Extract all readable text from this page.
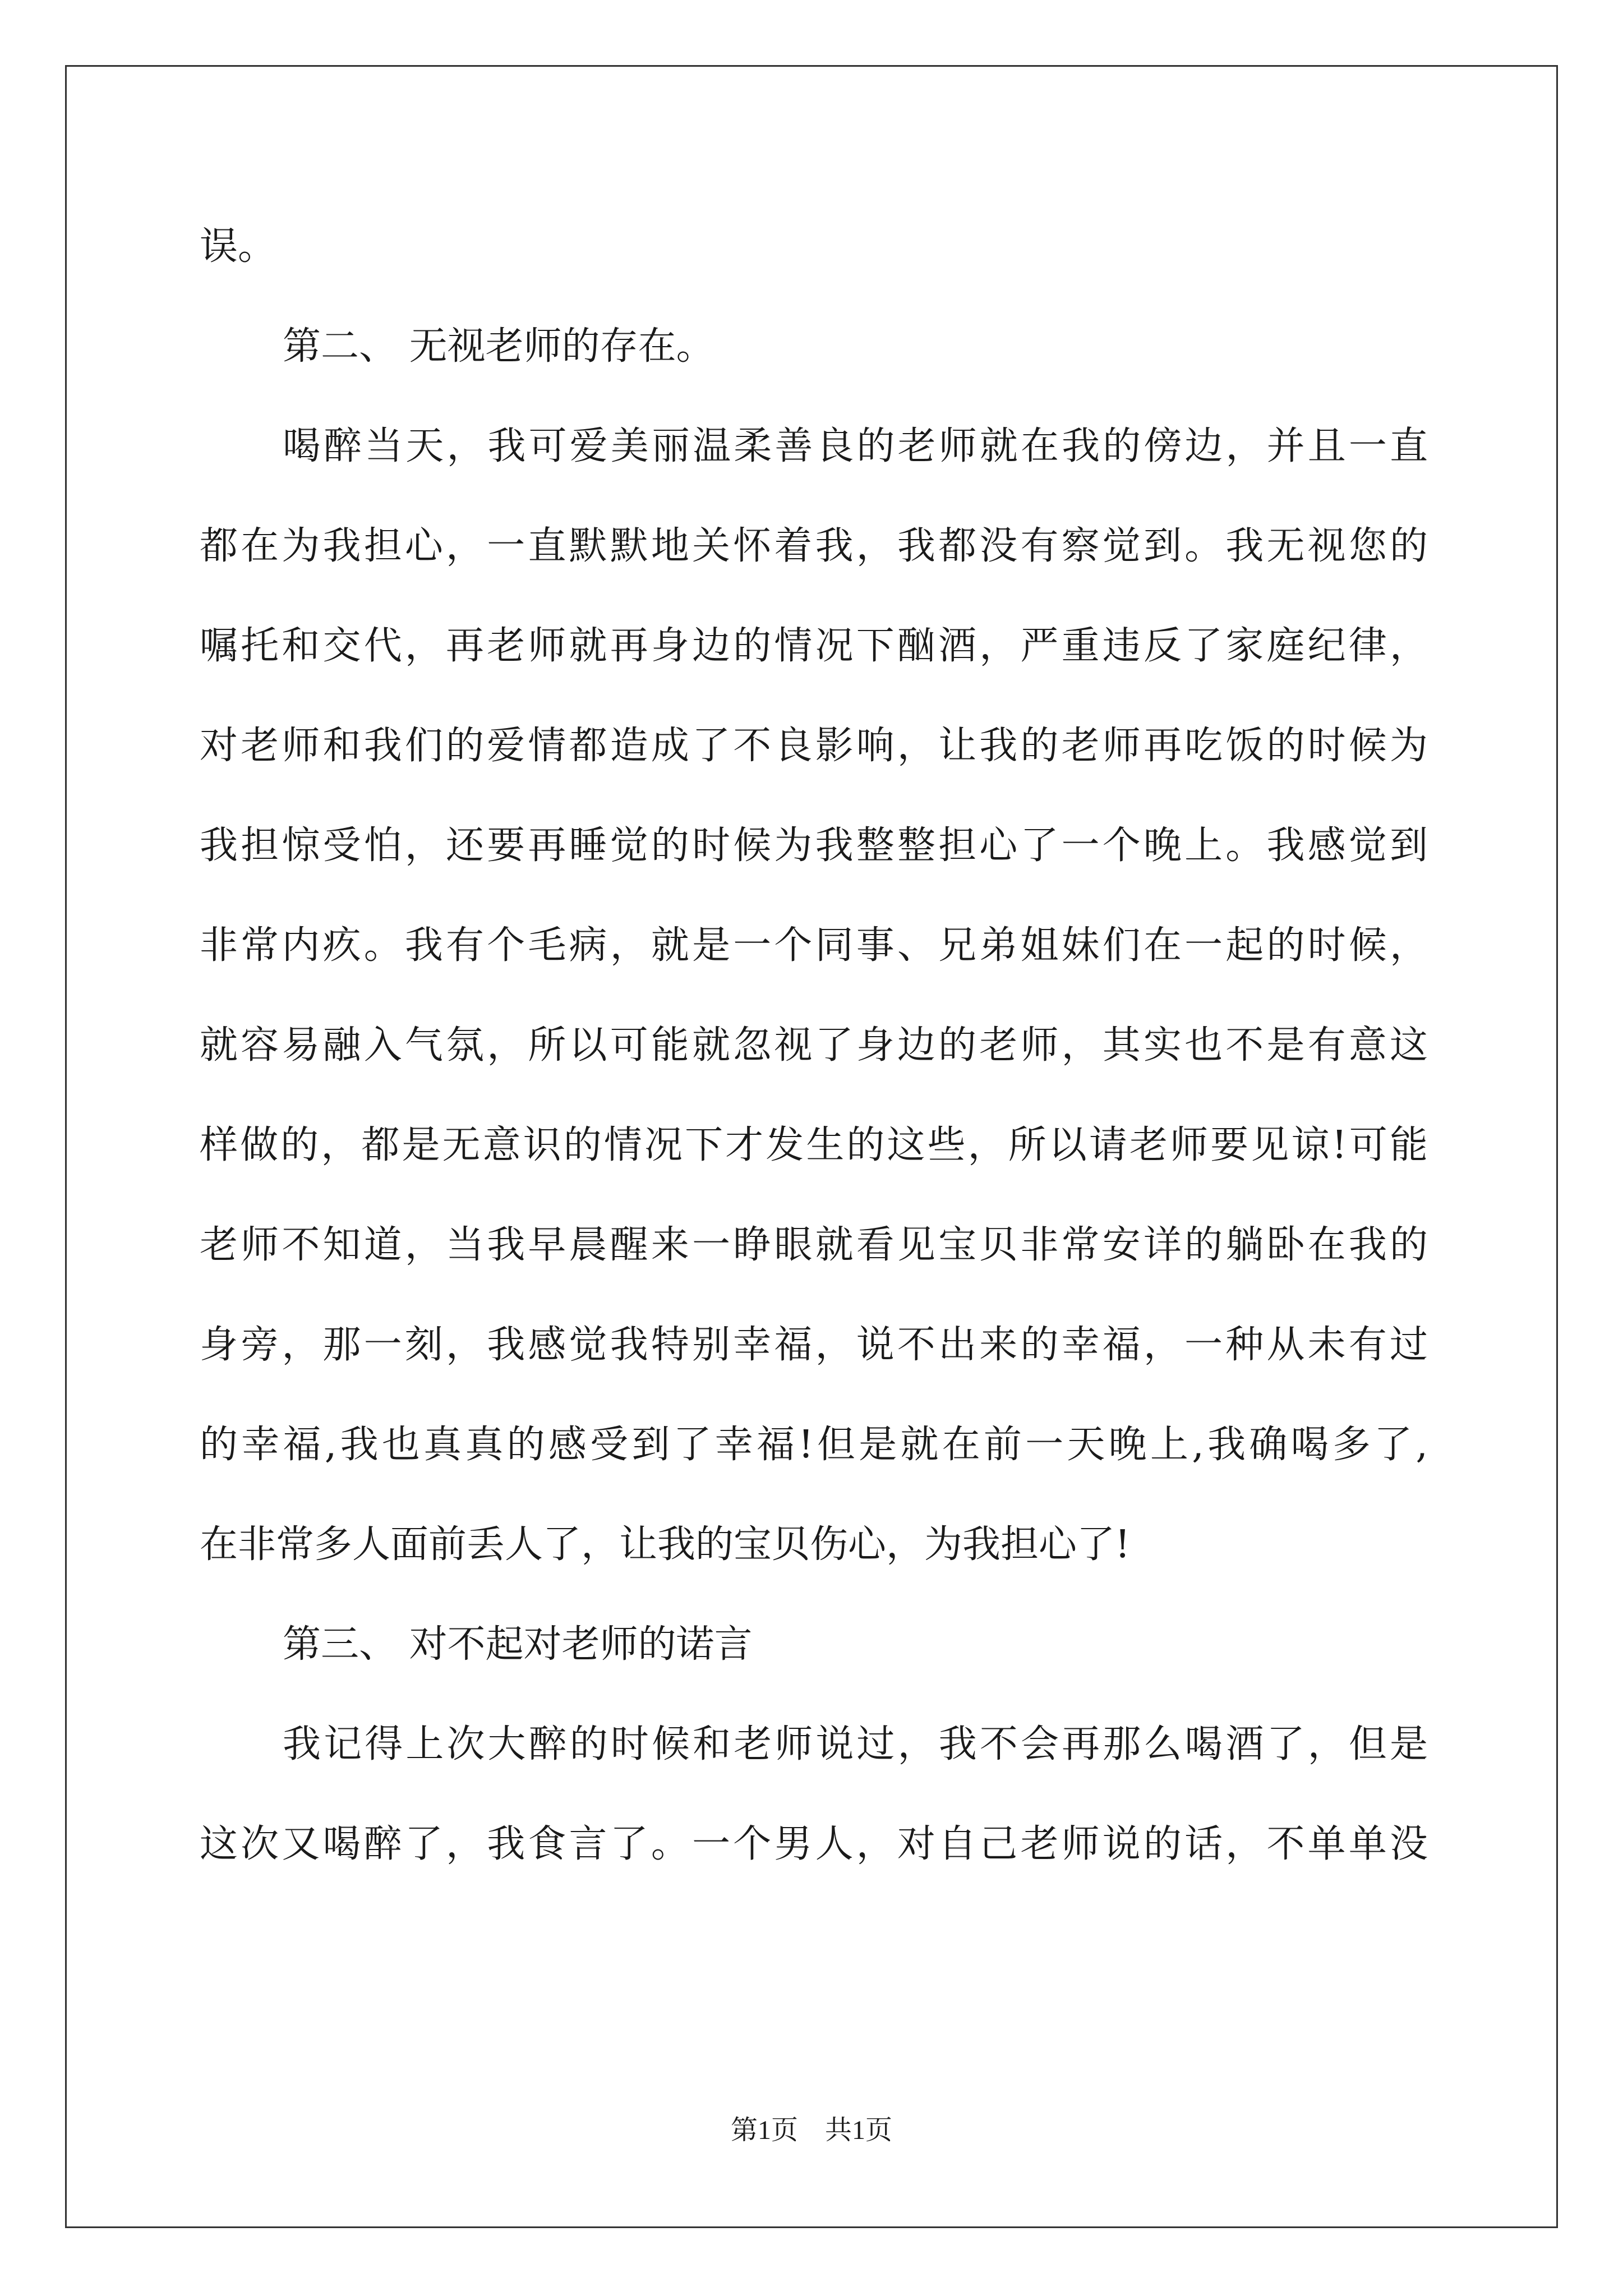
误。
第二、 无视老师的存在。
喝醉当天，我可爱美丽温柔善良的老师就在我的傍边，并且一直
都在为我担心，一直默默地关怀着我，我都没有察觉到。我无视您的
嘱托和交代，再老师就再身边的情况下酗酒，严重违反了家庭纪律，
对老师和我们的爱情都造成了不良影响，让我的老师再吃饭的时候为
我担惊受怕，还要再睡觉的时候为我整整担心了一个晚上。我感觉到
非常内疚。我有个毛病，就是一个同事、兄弟姐妹们在一起的时候，
就容易融入气氛，所以可能就忽视了身边的老师，其实也不是有意这
样做的，都是无意识的情况下才发生的这些，所以请老师要见谅!可能
老师不知道，当我早晨醒来一睁眼就看见宝贝非常安详的躺卧在我的
身旁，那一刻，我感觉我特别幸福，说不出来的幸福，一种从未有过
的幸福,我也真真的感受到了幸福!但是就在前一天晚上,我确喝多了,
在非常多人面前丢人了，让我的宝贝伤心，为我担心了!
第三、 对不起对老师的诺言
我记得上次大醉的时候和老师说过，我不会再那么喝酒了，但是
这次又喝醉了，我食言了。一个男人，对自己老师说的话，不单单没
第1页 共1页
